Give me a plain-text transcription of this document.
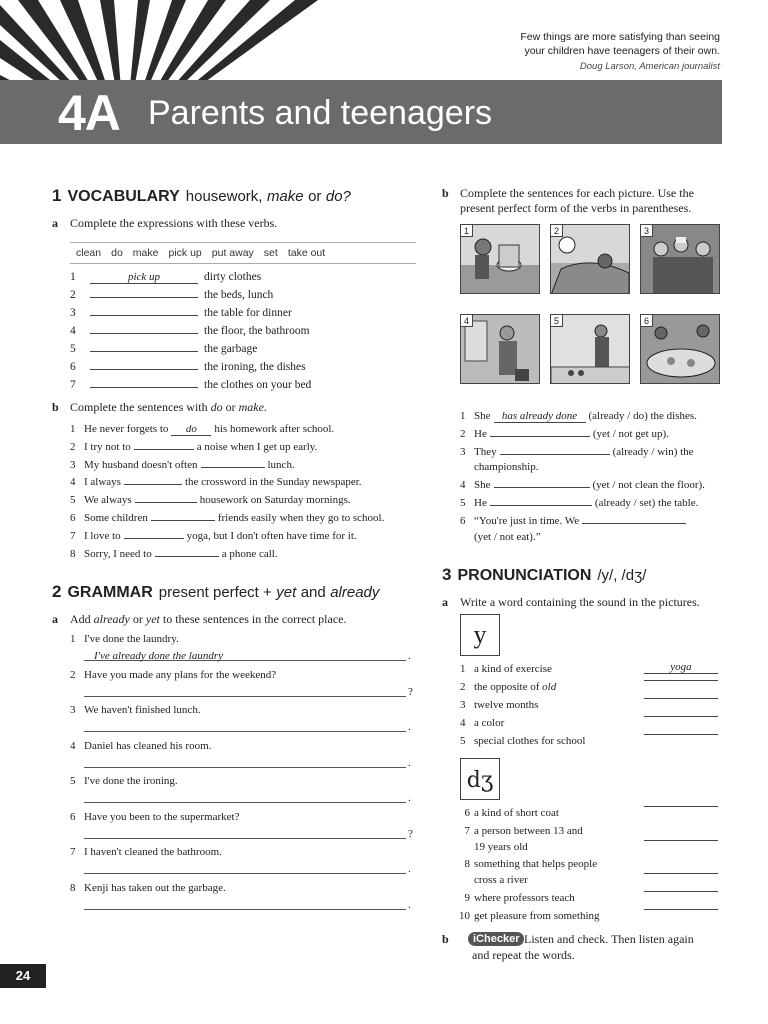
Few things are more satisfying than seeing
your children have teenagers of their own.
Doug Larson, American journalist
4A Parents and teenagers
1 VOCABULARY housework, make or do?
a Complete the expressions with these verbs.
clean do make pick up put away set take out
1	pick up	dirty clothes
2	the beds, lunch
3	the table for dinner
4	the floor, the bathroom
5	the garbage
6	the ironing, the dishes
7	the clothes on your bed
b Complete the sentences with do or make.
1 He never forgets to do his homework after school.
2 I try not to	a noise when I get up early.
3 My husband doesn't often	lunch.
4 I always	the crossword in the Sunday newspaper.
5 We always	housework on Saturday mornings.
6 Some children	friends easily when they go to school.
7 I love to	yoga, but I don't often have time for it.
8 Sorry, I need to	a phone call.
2 GRAMMAR present perfect + yet and already
a Add already or yet to these sentences in the correct place.
1 I've done the laundry.
I've already done the laundry	.
2 Have you made any plans for the weekend?
?
3 We haven't finished lunch.
.
4 Daniel has cleaned his room.
.
5 I've done the ironing.
.
6 Have you been to the supermarket?
?
7 I haven't cleaned the bathroom.
.
8 Kenji has taken out the garbage.
.
b Complete the sentences for each picture. Use the
present perfect form of the verbs in parentheses.
1	2	3
4	5	6
1 She has already done (already / do) the dishes.
2 He	(yet / not get up).
3 They	(already / win) the
4 She	(yet / not clean the floor).
5 He	(already / set) the table.
6 “You're just in time. We
championship.
(yet / not eat).”
3 PRONUNCIATION /y/, /dʒ/
a Write a word containing the sound in the pictures.
y
1 a kind of exercise	yoga
2 the opposite of old
3 twelve months
4 a color
5 special clothes for school
dʒ
6 a kind of short coat
7 a person between 13 and
19 years old
8 something that helps people
cross a river
9 where professors teach
10 get pleasure from something
b	iChecker Listen and check. Then listen again
and repeat the words.
24
